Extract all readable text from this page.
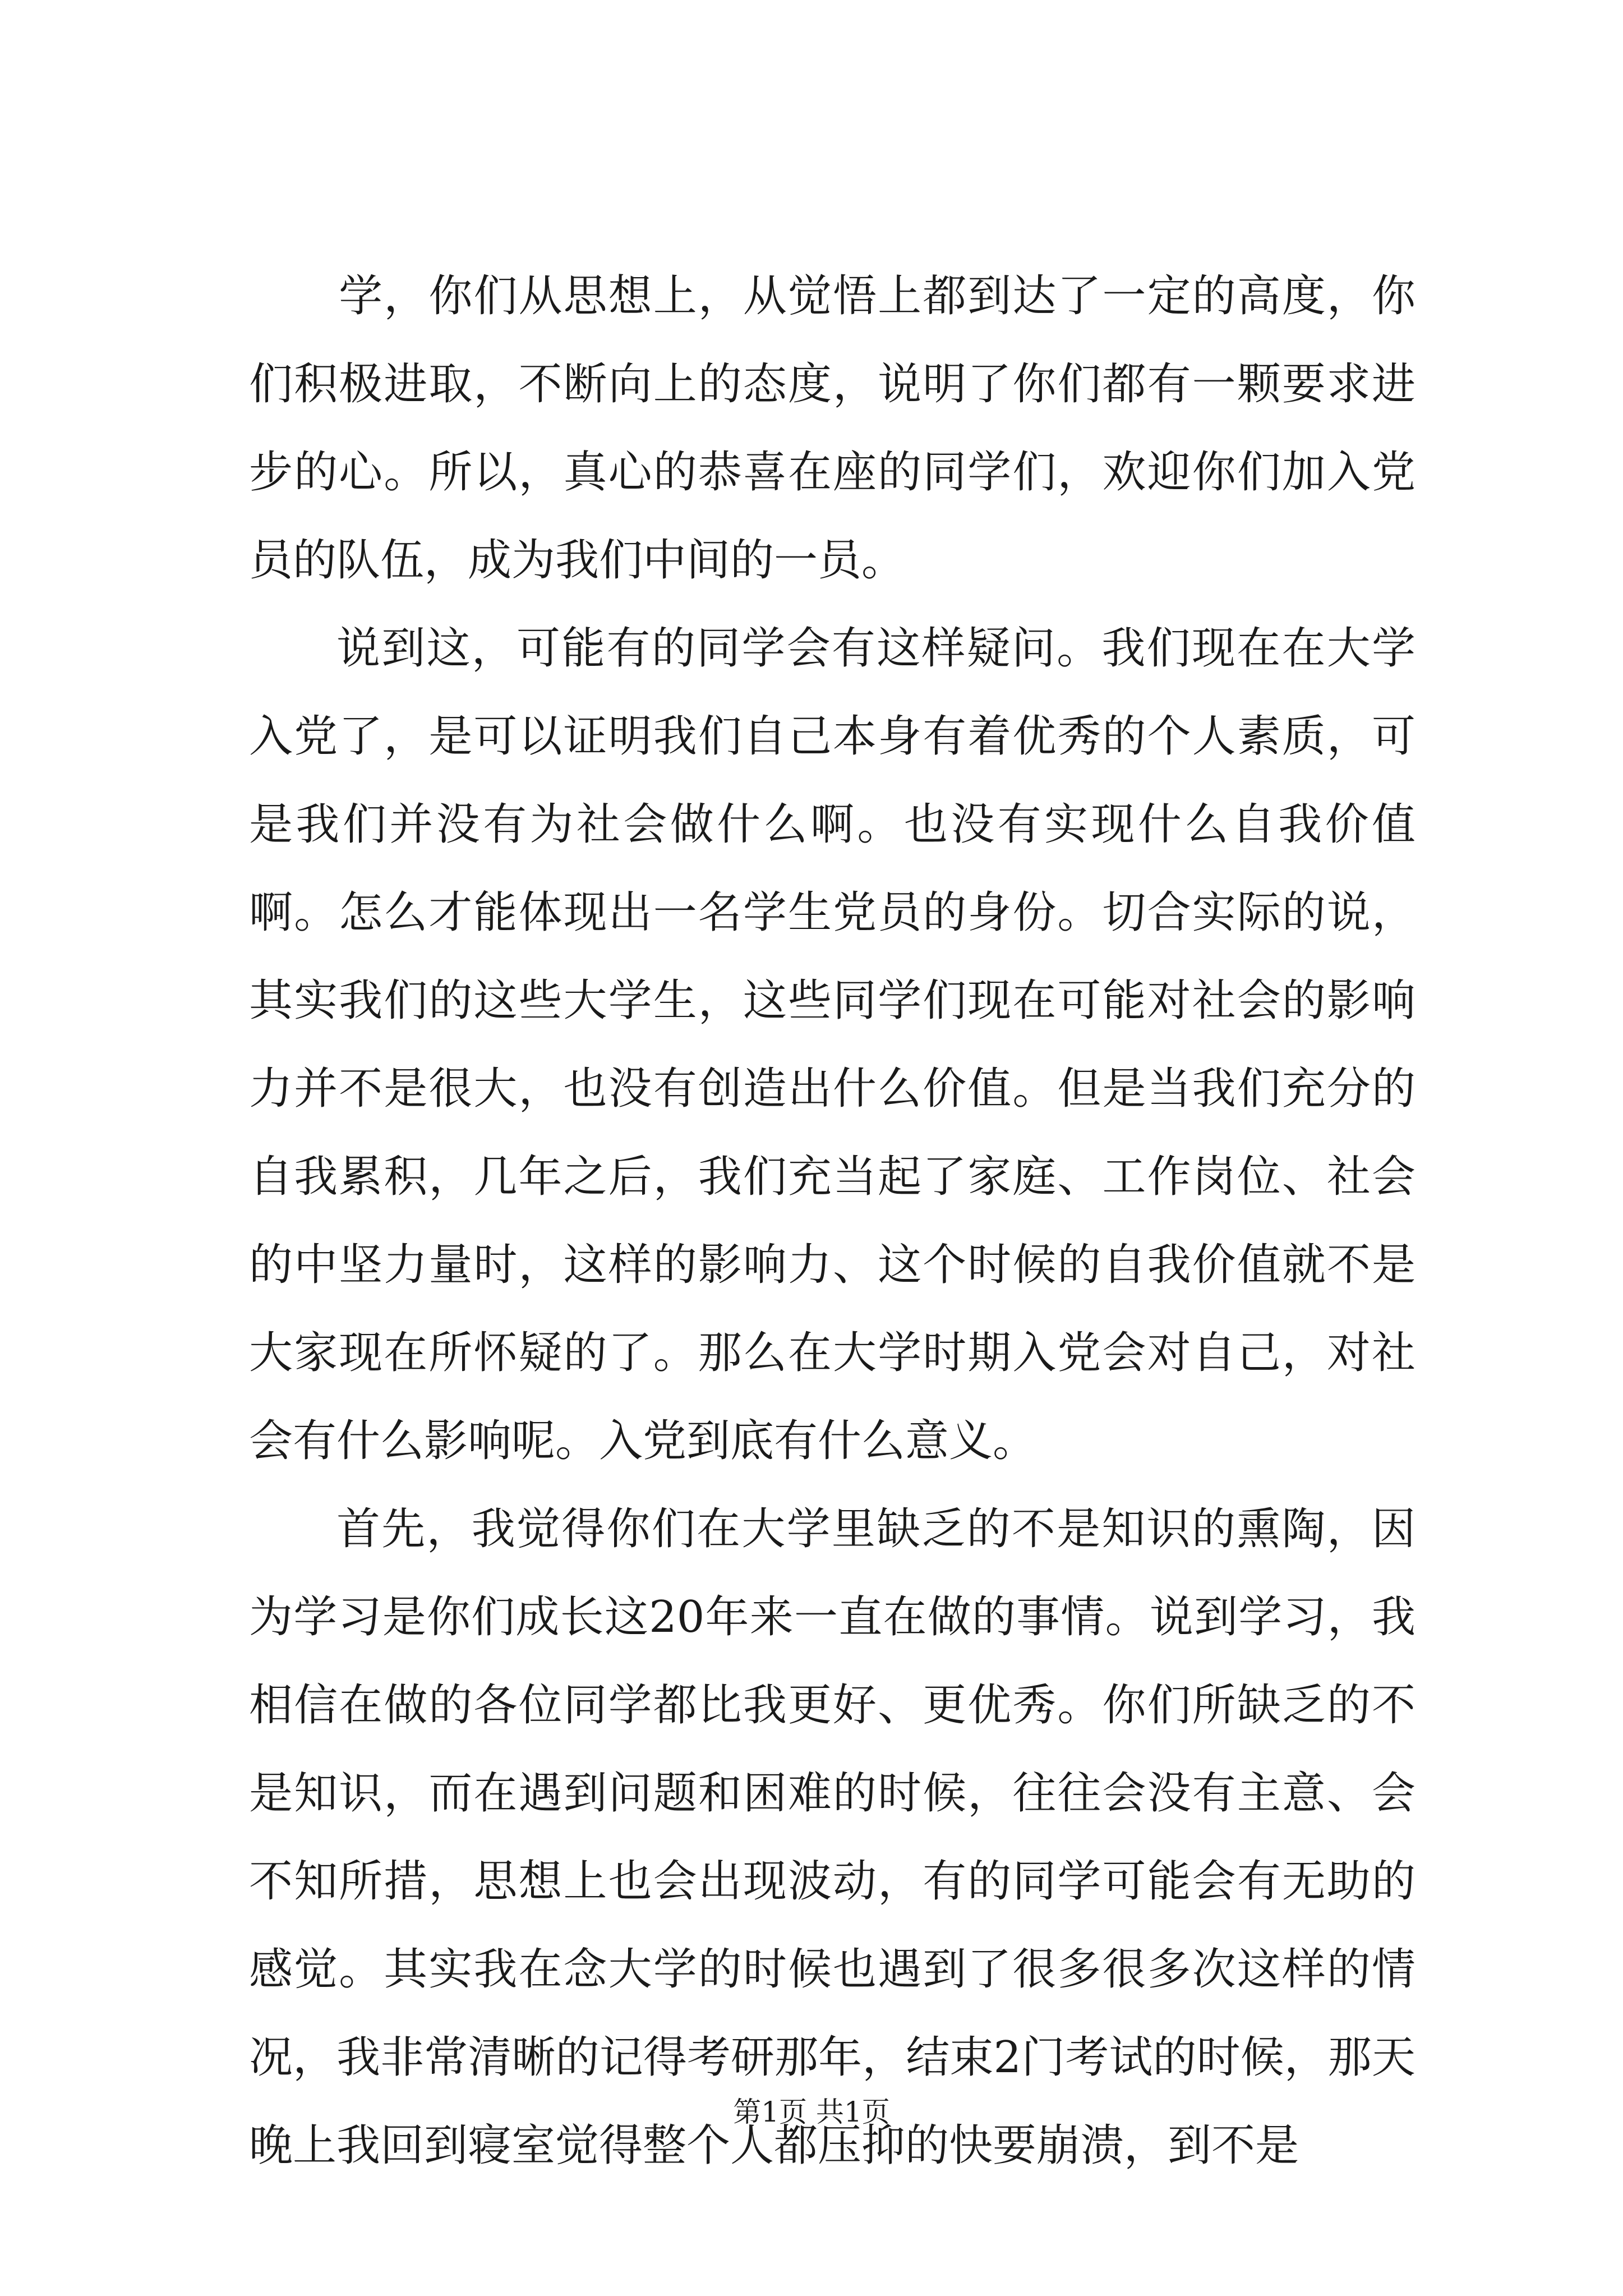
　　学，你们从思想上，从觉悟上都到达了一定的高度，你们积极进取，不断向上的态度，说明了你们都有一颗要求进步的心。所以，真心的恭喜在座的同学们，欢迎你们加入党员的队伍，成为我们中间的一员。

说到这，可能有的同学会有这样疑问。我们现在在大学入党了，是可以证明我们自己本身有着优秀的个人素质，可是我们并没有为社会做什么啊。也没有实现什么自我价值啊。怎么才能体现出一名学生党员的身份。切合实际的说，其实我们的这些大学生，这些同学们现在可能对社会的影响力并不是很大，也没有创造出什么价值。但是当我们充分的自我累积，几年之后，我们充当起了家庭、工作岗位、社会的中坚力量时，这样的影响力、这个时候的自我价值就不是大家现在所怀疑的了。那么在大学时期入党会对自己，对社会有什么影响呢。入党到底有什么意义。

首先，我觉得你们在大学里缺乏的不是知识的熏陶，因为学习是你们成长这20年来一直在做的事情。说到学习，我相信在做的各位同学都比我更好、更优秀。你们所缺乏的不是知识，而在遇到问题和困难的时候，往往会没有主意、会不知所措，思想上也会出现波动，有的同学可能会有无助的感觉。其实我在念大学的时候也遇到了很多很多次这样的情况，我非常清晰的记得考研那年，结束2门考试的时候，那天晚上我回到寝室觉得整个人都压抑的快要崩溃，到不是

第1页 共1页
